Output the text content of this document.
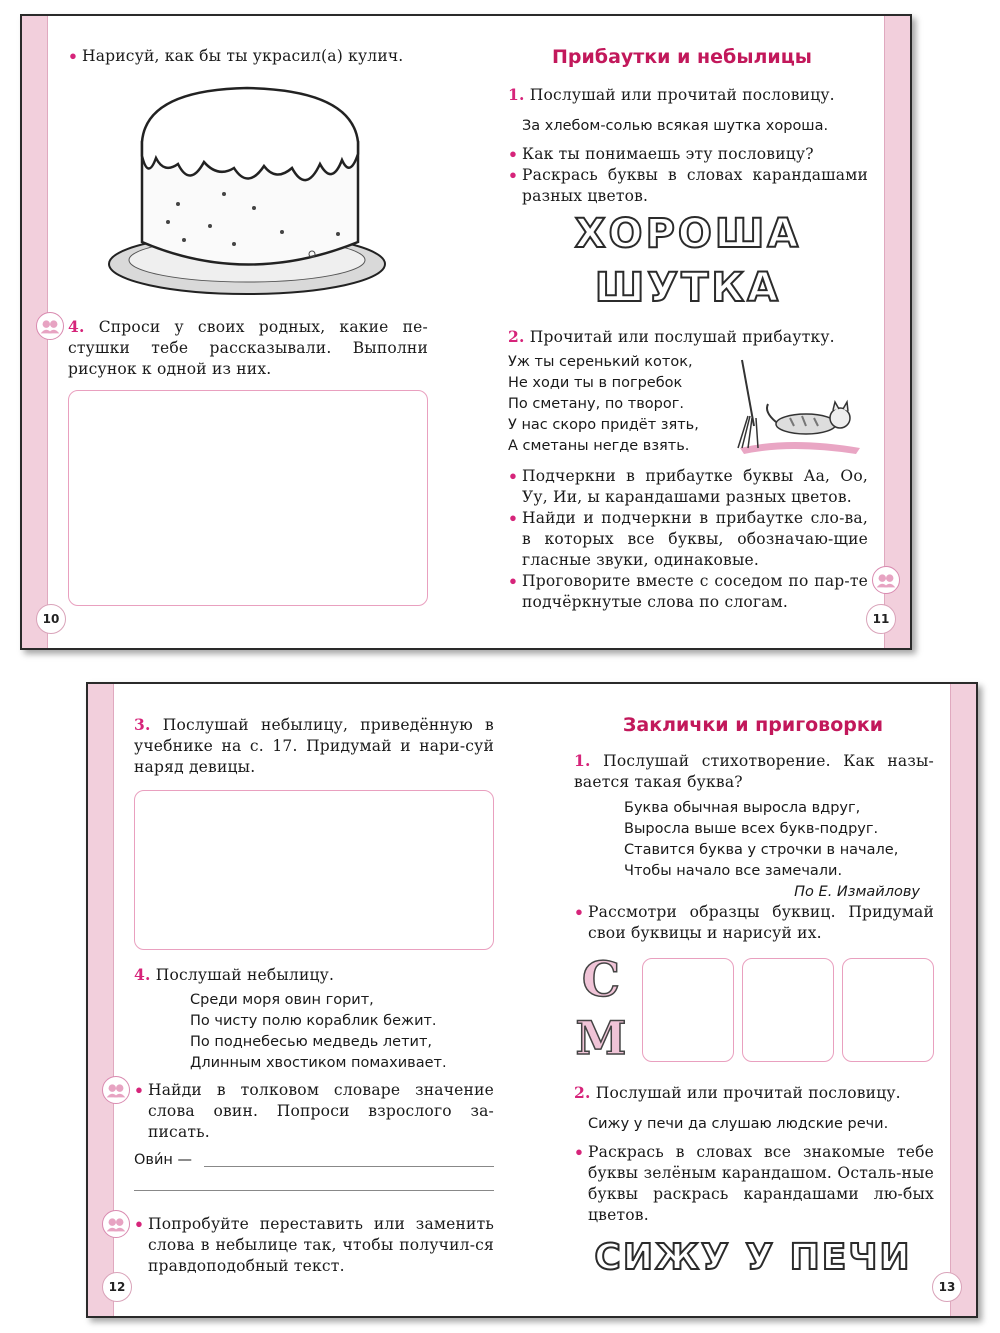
• Нарисуй, как бы ты украсил(а) кулич.
4. Спроси у своих родных, какие пе-стушки тебе рассказывали. Выполни рисунок к одной из них.
10
Прибаутки и небылицы
1. Послушай или прочитай пословицу.
За хлебом-солью всякая шутка хороша.
• Как ты понимаешь эту пословицу?
• Раскрась буквы в словах карандашами разных цветов.
ХОРОША
ШУТКА
2. Прочитай или послушай прибаутку.
Уж ты серенький коток,
Не ходи ты в погребок
По сметану, по творог.
У нас скоро придёт зять,
А сметаны негде взять.
• Подчеркни в прибаутке буквы Аа, Оо, Уу, Ии, ы карандашами разных цветов.
• Найди и подчеркни в прибаутке сло-ва, в которых все буквы, обозначаю-щие гласные звуки, одинаковые.
• Проговорите вместе с соседом по пар-те подчёркнутые слова по слогам.
11
3. Послушай небылицу, приведённую в учебнике на с. 17. Придумай и нари-суй наряд девицы.
4. Послушай небылицу.
Среди моря овин горит,
По чисту полю кораблик бежит.
По поднебесью медведь летит,
Длинным хвостиком помахивает.
• Найди в толковом словаре значение слова овин. Попроси взрослого за-писать.
Ови́н —
• Попробуйте переставить или заменить слова в небылице так, чтобы получил-ся правдоподобный текст.
12
Заклички и приговорки
1. Послушай стихотворение. Как назы-вается такая буква?
Буква обычная выросла вдруг,
Выросла выше всех букв-подруг.
Ставится буква у строчки в начале,
Чтобы начало все замечали.
По Е. Измайлову
• Рассмотри образцы буквиц. Придумай свои буквицы и нарисуй их.
С
М
2. Послушай или прочитай пословицу.
Сижу у печи да слушаю людские речи.
• Раскрась в словах все знакомые тебе буквы зелёным карандашом. Осталь-ные буквы раскрась карандашами лю-бых цветов.
СИЖУ У ПЕЧИ
13
